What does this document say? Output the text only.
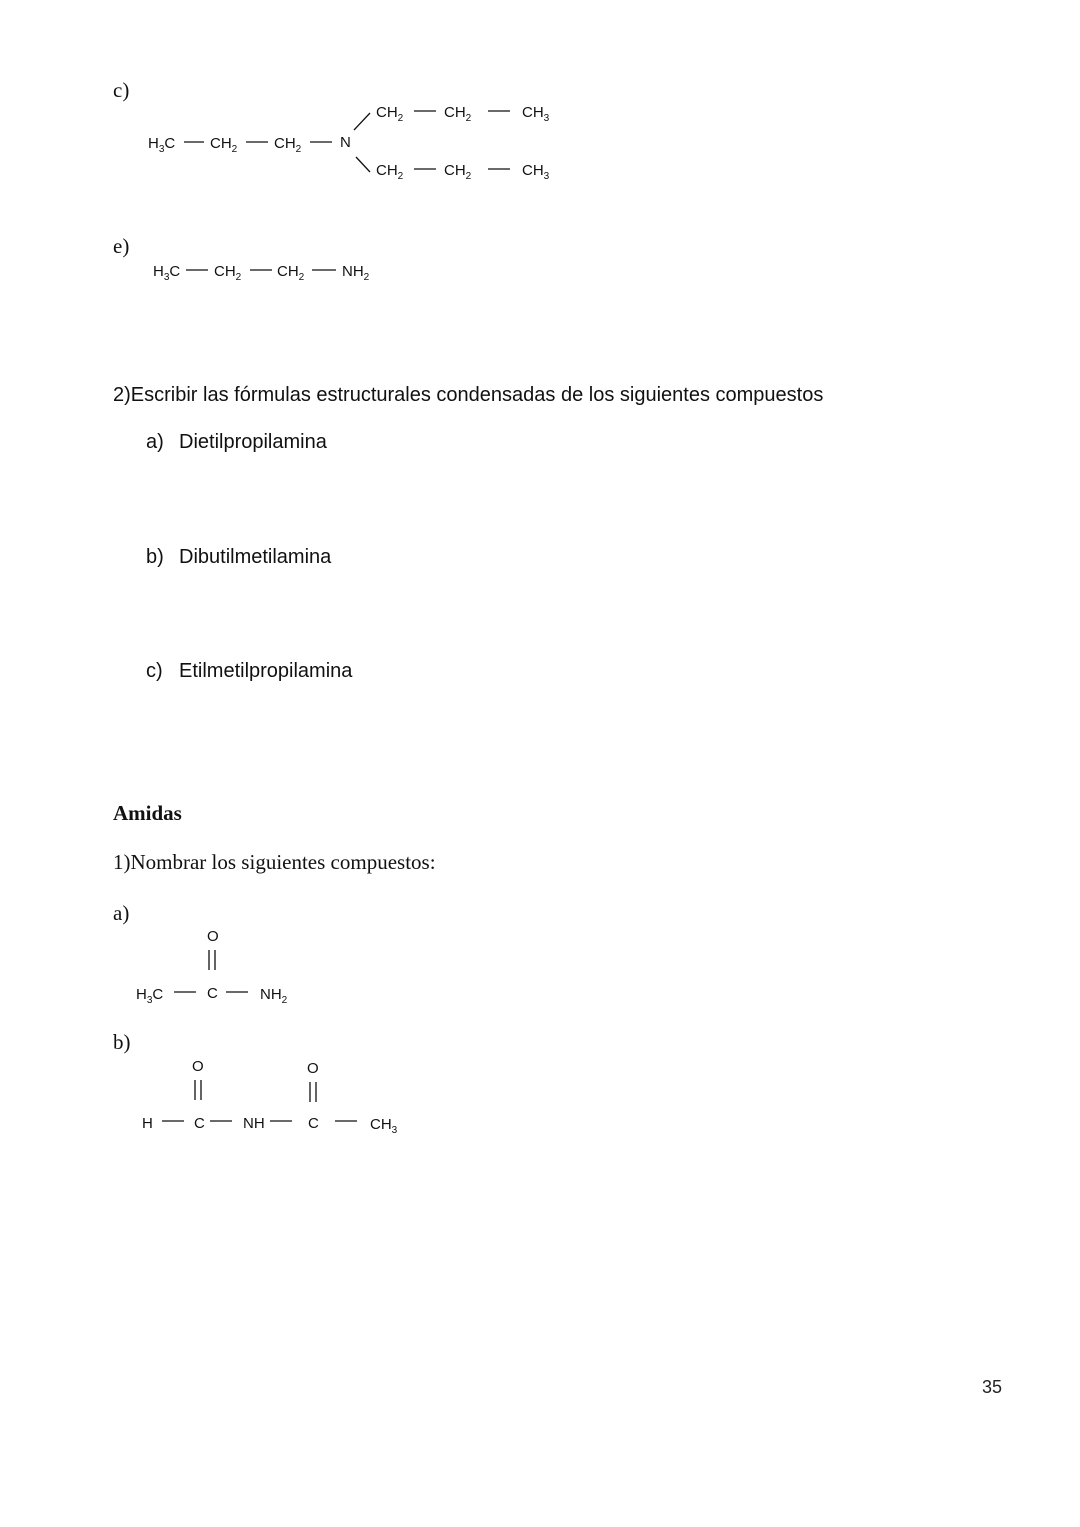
c)
$H_3C$ $CH_2$ $CH_2$	N
$CH_2$	$CH_2$	$CH_3$
$CH_2$	$CH_2$	$CH_3$
e)
$H_3C$ $CH_2$ $CH_2$	$NH_2$
2)Escribir las fórmulas estructurales condensadas de los siguientes compuestos
a) Dietilpropilamina
b) Dibutilmetilamina
c) Etilmetilpropilamina
Amidas
1)Nombrar los siguientes compuestos:
a)
O
$H_3C$	C	$NH_2$
b)
O	O
H	C	NH	C	$CH_3$
35
